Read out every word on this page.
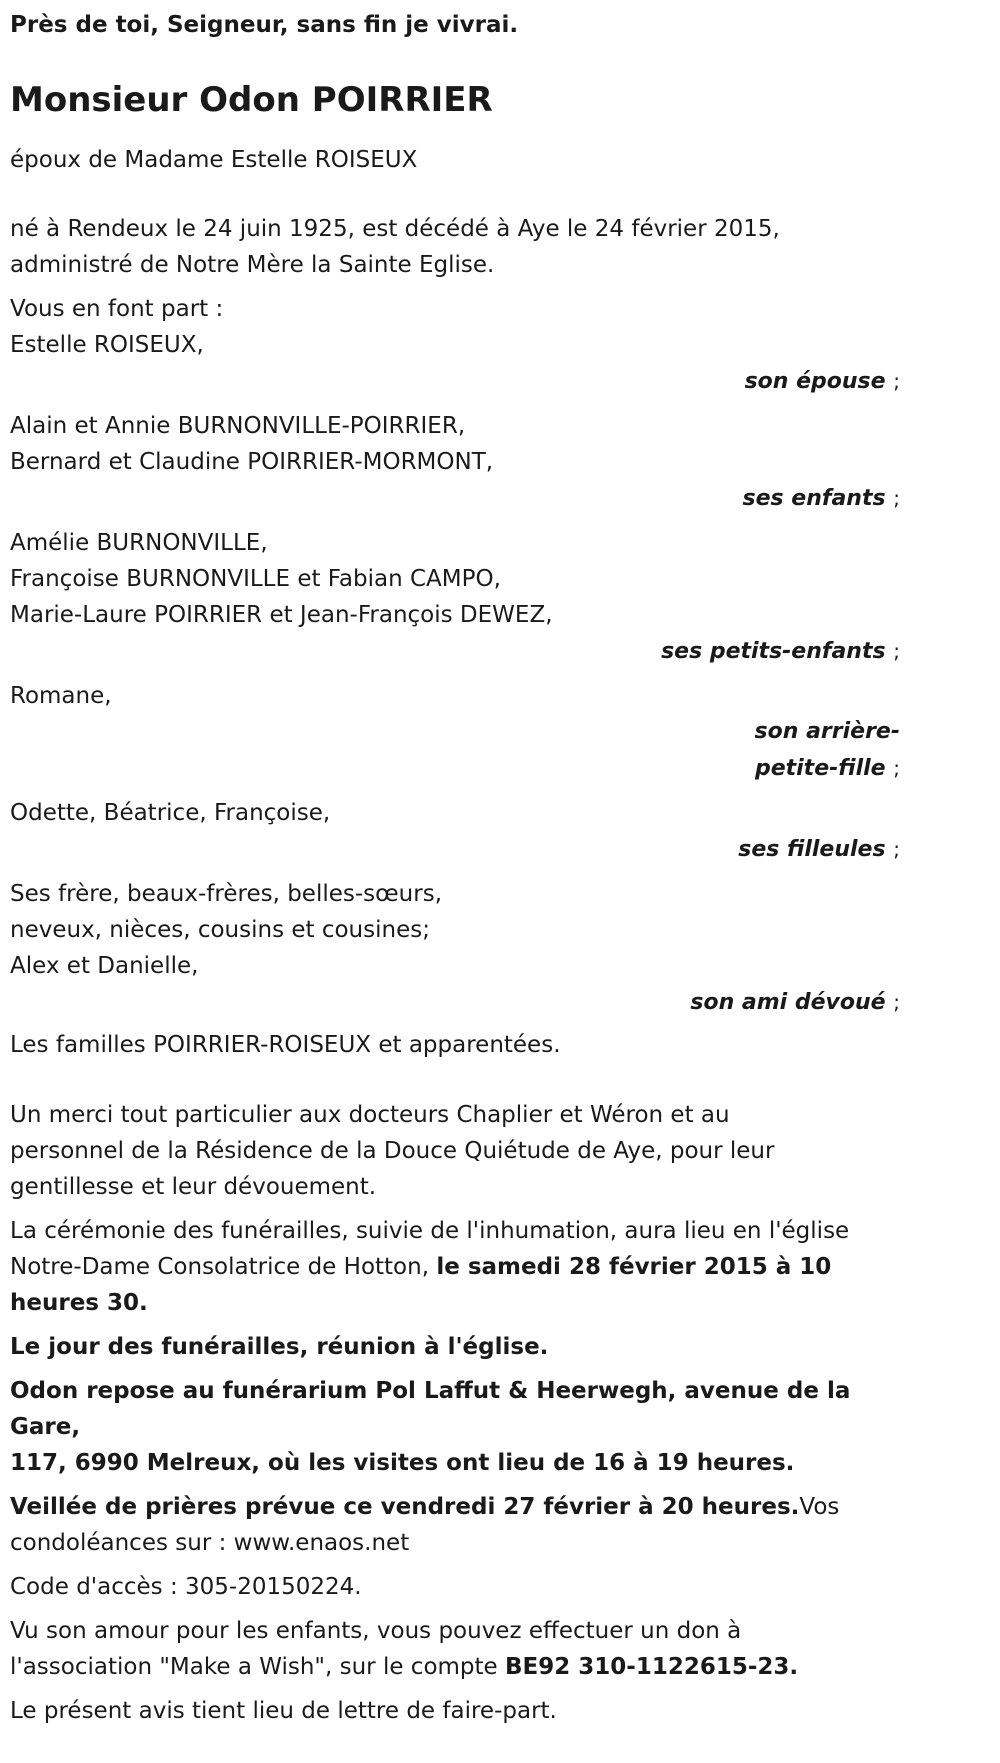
Près de toi, Seigneur, sans fin je vivrai.

Monsieur Odon POIRRIER

époux de Madame Estelle ROISEUX

né à Rendeux le 24 juin 1925, est décédé à Aye le 24 février 2015,

administré de Notre Mère la Sainte Eglise.

Vous en font part :

Estelle ROISEUX,

son épouse ;

Alain et Annie BURNONVILLE-POIRRIER,

Bernard et Claudine POIRRIER-MORMONT,

ses enfants ;

Amélie BURNONVILLE,

Françoise BURNONVILLE et Fabian CAMPO,

Marie-Laure POIRRIER et Jean-François DEWEZ,

ses petits-enfants ;

Romane,

son arrière-

petite-fille ;

Odette, Béatrice, Françoise,

ses filleules ;

Ses frère, beaux-frères, belles-sœurs,

neveux, nièces, cousins et cousines;

Alex et Danielle,

son ami dévoué ;

Les familles POIRRIER-ROISEUX et apparentées.

Un merci tout particulier aux docteurs Chaplier et Wéron et au

personnel de la Résidence de la Douce Quiétude de Aye, pour leur

gentillesse et leur dévouement.

La cérémonie des funérailles, suivie de l'inhumation, aura lieu en l'église

Notre-Dame Consolatrice de Hotton, le samedi 28 février 2015 à 10

heures 30.

Le jour des funérailles, réunion à l'église.

Odon repose au funérarium Pol Laffut & Heerwegh, avenue de la Gare,

117, 6990 Melreux, où les visites ont lieu de 16 à 19 heures.

Veillée de prières prévue ce vendredi 27 février à 20 heures.Vos

condoléances sur : www.enaos.net

Code d'accès : 305-20150224.

Vu son amour pour les enfants, vous pouvez effectuer un don à

l'association "Make a Wish", sur le compte BE92 310-1122615-23.

Le présent avis tient lieu de lettre de faire-part.
